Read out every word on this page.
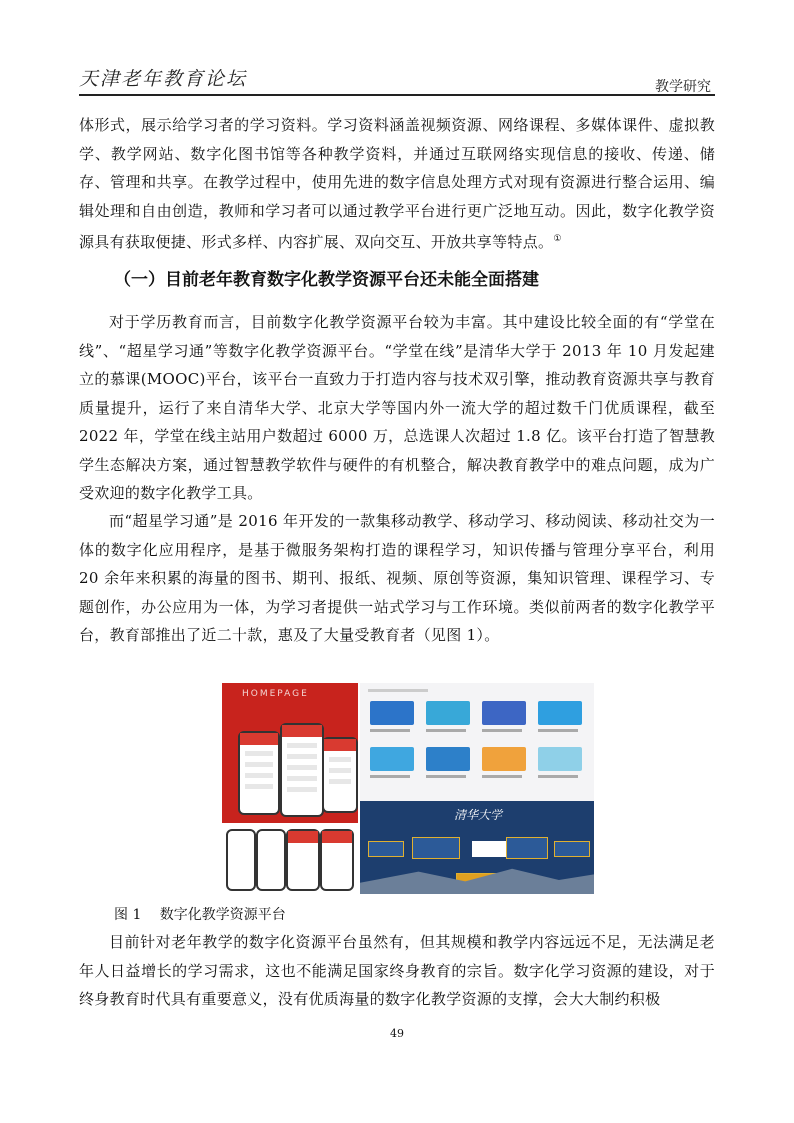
天津老年教育论坛	教学研究

体形式，展示给学习者的学习资料。学习资料涵盖视频资源、网络课程、多媒体课件、虚拟教学、教学网站、数字化图书馆等各种教学资料，并通过互联网络实现信息的接收、传递、储存、管理和共享。在教学过程中，使用先进的数字信息处理方式对现有资源进行整合运用、编辑处理和自由创造，教师和学习者可以通过教学平台进行更广泛地互动。因此，数字化教学资源具有获取便捷、形式多样、内容扩展、双向交互、开放共享等特点。①

（一）目前老年教育数字化教学资源平台还未能全面搭建

对于学历教育而言，目前数字化教学资源平台较为丰富。其中建设比较全面的有“学堂在线”、“超星学习通”等数字化教学资源平台。“学堂在线”是清华大学于 2013 年 10 月发起建立的慕课(MOOC)平台，该平台一直致力于打造内容与技术双引擎，推动教育资源共享与教育质量提升，运行了来自清华大学、北京大学等国内外一流大学的超过数千门优质课程，截至 2022 年，学堂在线主站用户数超过 6000 万，总选课人次超过 1.8 亿。该平台打造了智慧教学生态解决方案，通过智慧教学软件与硬件的有机整合，解决教育教学中的难点问题，成为广受欢迎的数字化教学工具。

而“超星学习通”是 2016 年开发的一款集移动教学、移动学习、移动阅读、移动社交为一体的数字化应用程序，是基于微服务架构打造的课程学习，知识传播与管理分享平台，利用 20 余年来积累的海量的图书、期刊、报纸、视频、原创等资源，集知识管理、课程学习、专题创作，办公应用为一体，为学习者提供一站式学习与工作环境。类似前两者的数字化教学平台，教育部推出了近二十款，惠及了大量受教育者（见图 1）。

HOMEPAGE
清华大学
图 1　 数字化教学资源平台

目前针对老年教学的数字化资源平台虽然有，但其规模和教学内容远远不足，无法满足老年人日益增长的学习需求，这也不能满足国家终身教育的宗旨。数字化学习资源的建设，对于终身教育时代具有重要意义，没有优质海量的数字化教学资源的支撑，会大大制约积极

49
